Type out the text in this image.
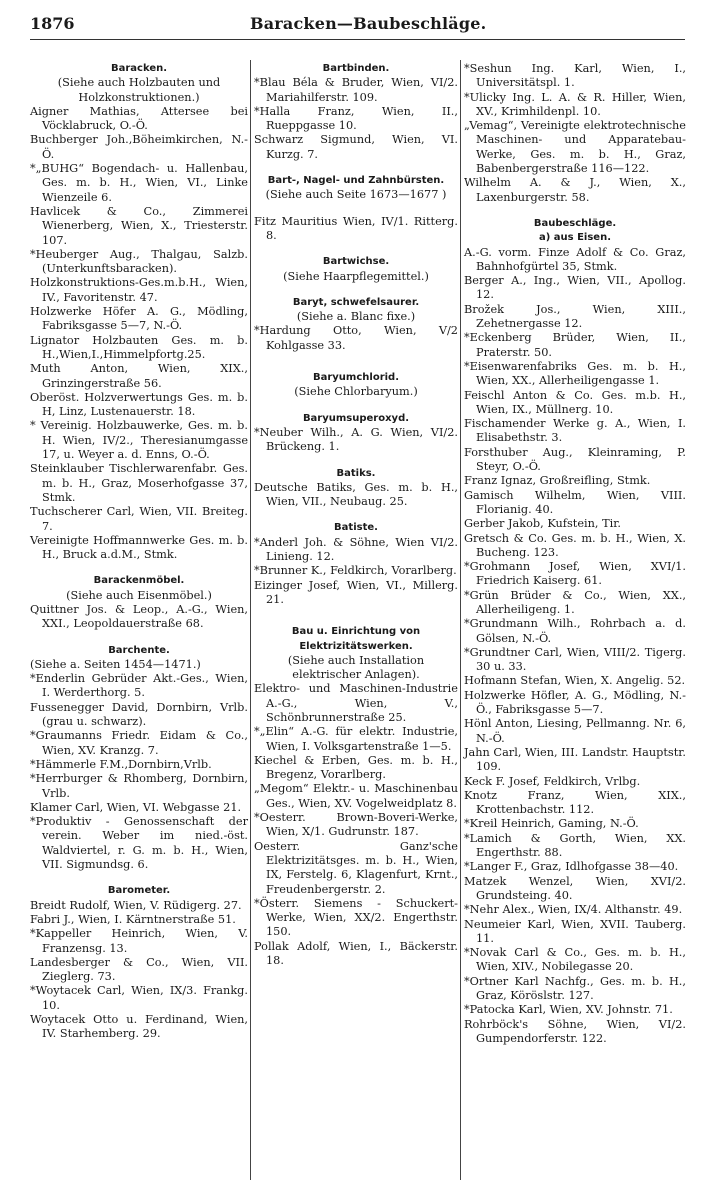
1876	Baracken—Baubeschläge.
Baracken.
(Siehe auch Holzbauten und Holzkonstruktionen.)
Aigner Mathias, Attersee bei Vöcklabruck, O.-Ö.
Buchberger Joh.,Böheimkirchen, N.-Ö.
*„BUHG“ Bogendach- u. Hallenbau, Ges. m. b. H., Wien, VI., Linke Wienzeile 6.
Havlicek & Co., Zimmerei Wienerberg, Wien, X., Triesterstr. 107.
*Heuberger Aug., Thalgau, Salzb. (Unterkunftsbaracken).
Holzkonstruktions-Ges.m.b.H., Wien, IV., Favoritenstr. 47.
Holzwerke Höfer A. G., Mödling, Fabriksgasse 5—7, N.-Ö.
Lignator Holzbauten Ges. m. b. H.,Wien,I.,Himmelpfortg.25.
Muth Anton, Wien, XIX., Grinzingerstraße 56.
Oberöst. Holzverwertungs Ges. m. b. H, Linz, Lustenauerstr. 18.
* Vereinig. Holzbauwerke, Ges. m. b. H. Wien, IV/2., Theresianumgasse 17, u. Weyer a. d. Enns, O.-Ö.
Steinklauber Tischlerwarenfabr. Ges. m. b. H., Graz, Moserhofgasse 37, Stmk.
Tuchscherer Carl, Wien, VII. Breiteg. 7.
Vereinigte Hoffmannwerke Ges. m. b. H., Bruck a.d.M., Stmk.
Barackenmöbel.
(Siehe auch Eisenmöbel.)
Quittner Jos. & Leop., A.-G., Wien, XXI., Leopoldauerstraße 68.
Barchente.
(Siehe a. Seiten 1454—1471.)
*Enderlin Gebrüder Akt.-Ges., Wien, I. Werderthorg. 5.
Fussenegger David, Dornbirn, Vrlb. (grau u. schwarz).
*Graumanns Friedr. Eidam & Co., Wien, XV. Kranzg. 7.
*Hämmerle F.M.,Dornbirn,Vrlb.
*Herrburger & Rhomberg, Dornbirn, Vrlb.
Klamer Carl, Wien, VI. Webgasse 21.
*Produktiv - Genossenschaft der verein. Weber im nied.-öst. Waldviertel, r. G. m. b. H., Wien, VII. Sigmundsg. 6.
Barometer.
Breidt Rudolf, Wien, V. Rüdigerg. 27.
Fabri J., Wien, I. Kärntnerstraße 51.
*Kappeller Heinrich, Wien, V. Franzensg. 13.
Landesberger & Co., Wien, VII. Zieglerg. 73.
*Woytacek Carl, Wien, IX/3. Frankg. 10.
Woytacek Otto u. Ferdinand, Wien, IV. Starhemberg. 29.
Bartbinden.
*Blau Béla & Bruder, Wien, VI/2. Mariahilferstr. 109.
*Halla Franz, Wien, II., Rueppgasse 10.
Schwarz Sigmund, Wien, VI. Kurzg. 7.
Bart-, Nagel- und Zahnbürsten.
(Siehe auch Seite 1673—1677 )
Fitz Mauritius Wien, IV/1. Ritterg. 8.
Bartwichse.
(Siehe Haarpflegemittel.)
Baryt, schwefelsaurer.
(Siehe a. Blanc fixe.)
*Hardung Otto, Wien, V/2 Kohlgasse 33.
Baryumchlorid.
(Siehe Chlorbaryum.)
Baryumsuperoxyd.
*Neuber Wilh., A. G. Wien, VI/2. Brückeng. 1.
Batiks.
Deutsche Batiks, Ges. m. b. H., Wien, VII., Neubaug. 25.
Batiste.
*Anderl Joh. & Söhne, Wien VI/2. Linieng. 12.
*Brunner K., Feldkirch, Vorarlberg.
Eizinger Josef, Wien, VI., Millerg. 21.
Bau u. Einrichtung von Elektrizitätswerken.
(Siehe auch Installation elektrischer Anlagen).
Elektro- und Maschinen-Industrie A.-G., Wien, V., Schönbrunnerstraße 25.
*„Elin“ A.-G. für elektr. Industrie, Wien, I. Volksgartenstraße 1—5.
Kiechel & Erben, Ges. m. b. H., Bregenz, Vorarlberg.
„Megom“ Elektr.- u. Maschinenbau Ges., Wien, XV. Vogelweidplatz 8.
*Oesterr. Brown-Boveri-Werke, Wien, X/1. Gudrunstr. 187.
Oesterr. Ganz'sche Elektrizitätsges. m. b. H., Wien, IX, Ferstelg. 6, Klagenfurt, Krnt., Freudenbergerstr. 2.
*Österr. Siemens - Schuckert-Werke, Wien, XX/2. Engerthstr. 150.
Pollak Adolf, Wien, I., Bäckerstr. 18.
*Seshun Ing. Karl, Wien, I., Universitätspl. 1.
*Ulicky Ing. L. A. & R. Hiller, Wien, XV., Krimhildenpl. 10.
„Vemag“, Vereinigte elektrotechnische Maschinen- und Apparatebau-Werke, Ges. m. b. H., Graz, Babenbergerstraße 116—122.
Wilhelm A. & J., Wien, X., Laxenburgerstr. 58.
Baubeschläge.
a) aus Eisen.
A.-G. vorm. Finze Adolf & Co. Graz, Bahnhofgürtel 35, Stmk.
Berger A., Ing., Wien, VII., Apollog. 12.
Brožek Jos., Wien, XIII., Zehetnergasse 12.
*Eckenberg Brüder, Wien, II., Praterstr. 50.
*Eisenwarenfabriks Ges. m. b. H., Wien, XX., Allerheiligengasse 1.
Feischl Anton & Co. Ges. m.b. H., Wien, IX., Müllnerg. 10.
Fischamender Werke g. A., Wien, I. Elisabethstr. 3.
Forsthuber Aug., Kleinraming, P. Steyr, O.-Ö.
Franz Ignaz, Großreifling, Stmk.
Gamisch Wilhelm, Wien, VIII. Florianig. 40.
Gerber Jakob, Kufstein, Tir.
Gretsch & Co. Ges. m. b. H., Wien, X. Bucheng. 123.
*Grohmann Josef, Wien, XVI/1. Friedrich Kaiserg. 61.
*Grün Brüder & Co., Wien, XX., Allerheiligeng. 1.
*Grundmann Wilh., Rohrbach a. d. Gölsen, N.-Ö.
*Grundtner Carl, Wien, VIII/2. Tigerg. 30 u. 33.
Hofmann Stefan, Wien, X. Angelig. 52.
Holzwerke Höfler, A. G., Mödling, N.-Ö., Fabriksgasse 5—7.
Hönl Anton, Liesing, Pellmanng. Nr. 6, N.-Ö.
Jahn Carl, Wien, III. Landstr. Hauptstr. 109.
Keck F. Josef, Feldkirch, Vrlbg.
Knotz Franz, Wien, XIX., Krottenbachstr. 112.
*Kreil Heinrich, Gaming, N.-Ö.
*Lamich & Gorth, Wien, XX. Engerthstr. 88.
*Langer F., Graz, Idlhofgasse 38—40.
Matzek Wenzel, Wien, XVI/2. Grundsteing. 40.
*Nehr Alex., Wien, IX/4. Althanstr. 49.
Neumeier Karl, Wien, XVII. Tauberg. 11.
*Novak Carl & Co., Ges. m. b. H., Wien, XIV., Nobilegasse 20.
*Ortner Karl Nachfg., Ges. m. b. H., Graz, Köröslstr. 127.
*Patocka Karl, Wien, XV. Johnstr. 71.
Rohrböck's Söhne, Wien, VI/2. Gumpendorferstr. 122.
